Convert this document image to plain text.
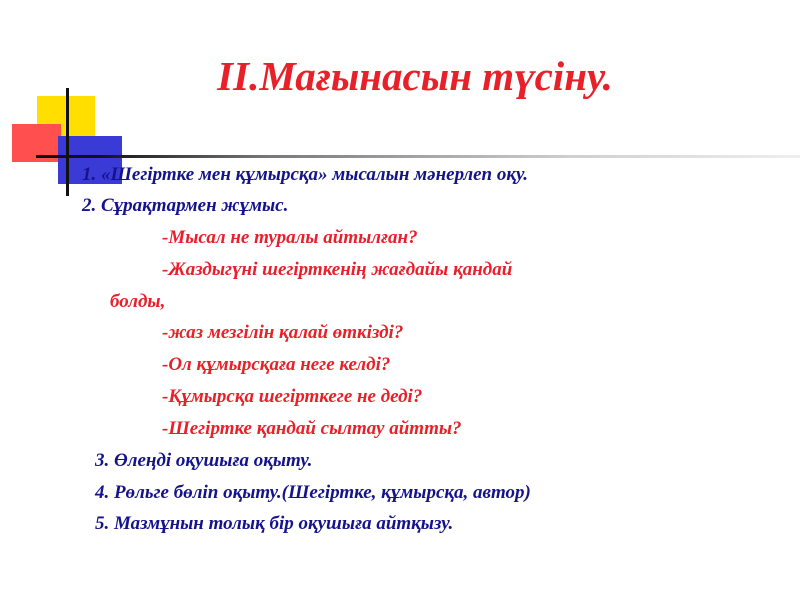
II.Мағынасын түсіну.
1. «Шегіртке мен құмырсқа» мысалын мәнерлеп оқу.
2. Сұрақтармен жұмыс.
-Мысал не туралы айтылған?
-Жаздыгүні шегірткенің жағдайы қандай
болды,
-жаз мезгілін қалай өткізді?
-Ол құмырсқаға неге келді?
-Құмырсқа шегірткеге не деді?
-Шегіртке қандай сылтау айтты?
3. Өлеңді оқушыға оқыту.
4. Рөльге бөліп оқыту.(Шегіртке, құмырсқа, автор)
5. Мазмұнын толық бір оқушыға айтқызу.
